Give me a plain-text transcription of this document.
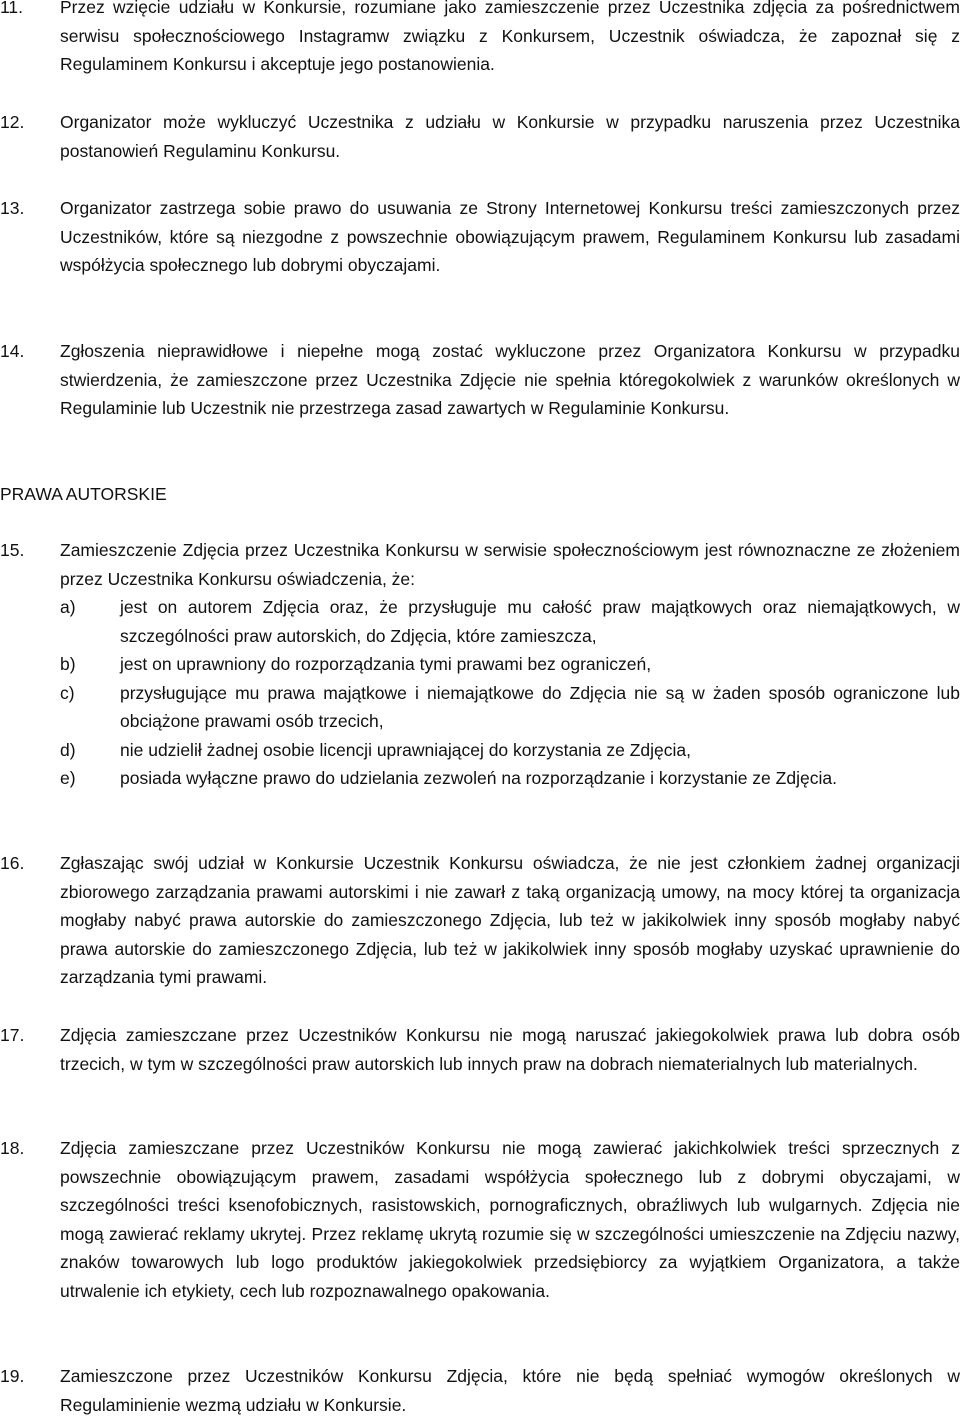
11.	Przez wzięcie udziału w Konkursie, rozumiane jako zamieszczenie przez Uczestnika zdjęcia za pośrednictwem serwisu społecznościowego Instagramw związku z Konkursem, Uczestnik oświadcza, że zapoznał się z Regulaminem Konkursu i akceptuje jego postanowienia.
12.	Organizator może wykluczyć Uczestnika z udziału w Konkursie w przypadku naruszenia przez Uczestnika postanowień Regulaminu Konkursu.
13.	Organizator zastrzega sobie prawo do usuwania ze Strony Internetowej Konkursu treści zamieszczonych przez Uczestników, które są niezgodne z powszechnie obowiązującym prawem, Regulaminem Konkursu lub zasadami współżycia społecznego lub dobrymi obyczajami.
14.	Zgłoszenia nieprawidłowe i niepełne mogą zostać wykluczone przez Organizatora Konkursu w przypadku stwierdzenia, że zamieszczone przez Uczestnika Zdjęcie nie spełnia któregokolwiek z warunków określonych w Regulaminie lub Uczestnik nie przestrzega zasad zawartych w Regulaminie Konkursu.
PRAWA AUTORSKIE
15.	Zamieszczenie Zdjęcia przez Uczestnika Konkursu w serwisie społecznościowym jest równoznaczne ze złożeniem przez Uczestnika Konkursu oświadczenia, że:
a)	jest on autorem Zdjęcia oraz, że przysługuje mu całość praw majątkowych oraz niemajątkowych, w szczególności praw autorskich, do Zdjęcia, które zamieszcza,
b)	jest on uprawniony do rozporządzania tymi prawami bez ograniczeń,
c)	przysługujące mu prawa majątkowe i niemajątkowe do Zdjęcia nie są w żaden sposób ograniczone lub obciążone prawami osób trzecich,
d)	nie udzielił żadnej osobie licencji uprawniającej do korzystania ze Zdjęcia,
e)	posiada wyłączne prawo do udzielania zezwoleń na rozporządzanie i korzystanie ze Zdjęcia.
16.	Zgłaszając swój udział w Konkursie Uczestnik Konkursu oświadcza, że nie jest członkiem żadnej organizacji zbiorowego zarządzania prawami autorskimi i nie zawarł z taką organizacją umowy, na mocy której ta organizacja mogłaby nabyć prawa autorskie do zamieszczonego Zdjęcia, lub też w jakikolwiek inny sposób mogłaby nabyć prawa autorskie do zamieszczonego Zdjęcia, lub też w jakikolwiek inny sposób mogłaby uzyskać uprawnienie do zarządzania tymi prawami.
17.	Zdjęcia zamieszczane przez Uczestników Konkursu nie mogą naruszać jakiegokolwiek prawa lub dobra osób trzecich, w tym w szczególności praw autorskich lub innych praw na dobrach niematerialnych lub materialnych.
18.	Zdjęcia zamieszczane przez Uczestników Konkursu nie mogą zawierać jakichkolwiek treści sprzecznych z powszechnie obowiązującym prawem, zasadami współżycia społecznego lub z dobrymi obyczajami, w szczególności treści ksenofobicznych, rasistowskich, pornograficznych, obraźliwych lub wulgarnych. Zdjęcia nie mogą zawierać reklamy ukrytej. Przez reklamę ukrytą rozumie się w szczególności umieszczenie na Zdjęciu nazwy, znaków towarowych lub logo produktów jakiegokolwiek przedsiębiorcy za wyjątkiem Organizatora, a także utrwalenie ich etykiety, cech lub rozpoznawalnego opakowania.
19.	Zamieszczone przez Uczestników Konkursu Zdjęcia, które nie będą spełniać wymogów określonych w Regulaminienie wezmą udziału w Konkursie.
